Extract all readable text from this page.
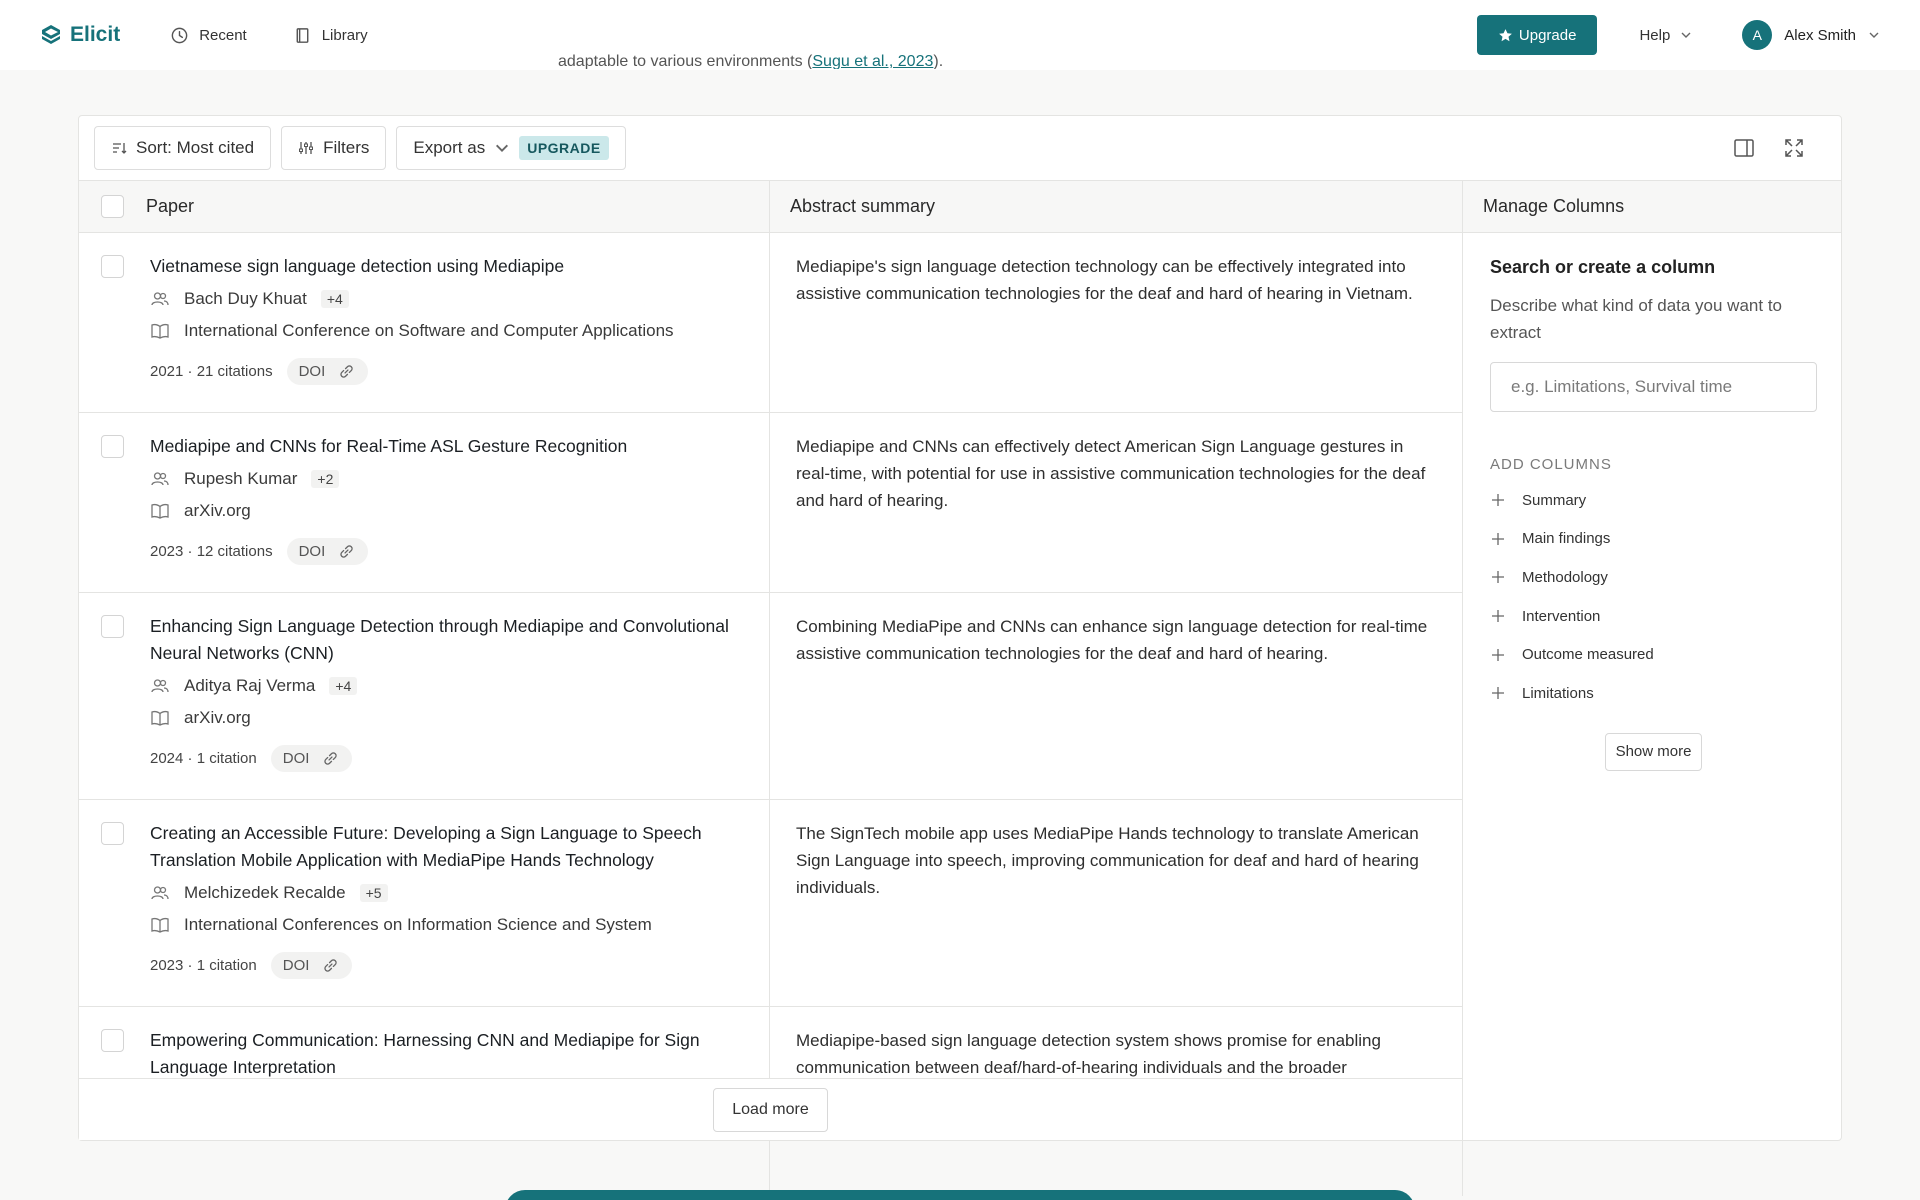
Elicit	Recent	Library	Upgrade	Help	A	Alex Smith
adaptable to various environments (Sugu et al., 2023).
Sort: Most cited	Filters	Export as	UPGRADE
Paper	Abstract summary	Manage Columns
Vietnamese sign language detection using Mediapipe
Bach Duy Khuat	+4
International Conference on Software and Computer Applications
2021 · 21 citations DOI
Mediapipe's sign language detection technology can be effectively integrated into assistive communication technologies for the deaf and hard of hearing in Vietnam.
Mediapipe and CNNs for Real-Time ASL Gesture Recognition
Rupesh Kumar	+2
arXiv.org
2023 · 12 citations DOI
Mediapipe and CNNs can effectively detect American Sign Language gestures in real-time, with potential for use in assistive communication technologies for the deaf and hard of hearing.
Enhancing Sign Language Detection through Mediapipe and Convolutional Neural Networks (CNN)
Aditya Raj Verma	+4
arXiv.org
2024 · 1 citation DOI
Combining MediaPipe and CNNs can enhance sign language detection for real-time assistive communication technologies for the deaf and hard of hearing.
Creating an Accessible Future: Developing a Sign Language to Speech Translation Mobile Application with MediaPipe Hands Technology
Melchizedek Recalde	+5
International Conferences on Information Science and System
2023 · 1 citation DOI
The SignTech mobile app uses MediaPipe Hands technology to translate American Sign Language into speech, improving communication for deaf and hard of hearing individuals.
Empowering Communication: Harnessing CNN and Mediapipe for Sign Language Interpretation
Mediapipe-based sign language detection system shows promise for enabling communication between deaf/hard-of-hearing individuals and the broader
Load more
Search or create a column
Describe what kind of data you want to extract
e.g. Limitations, Survival time
ADD COLUMNS
Summary
Main findings
Methodology
Intervention
Outcome measured
Limitations
Show more
